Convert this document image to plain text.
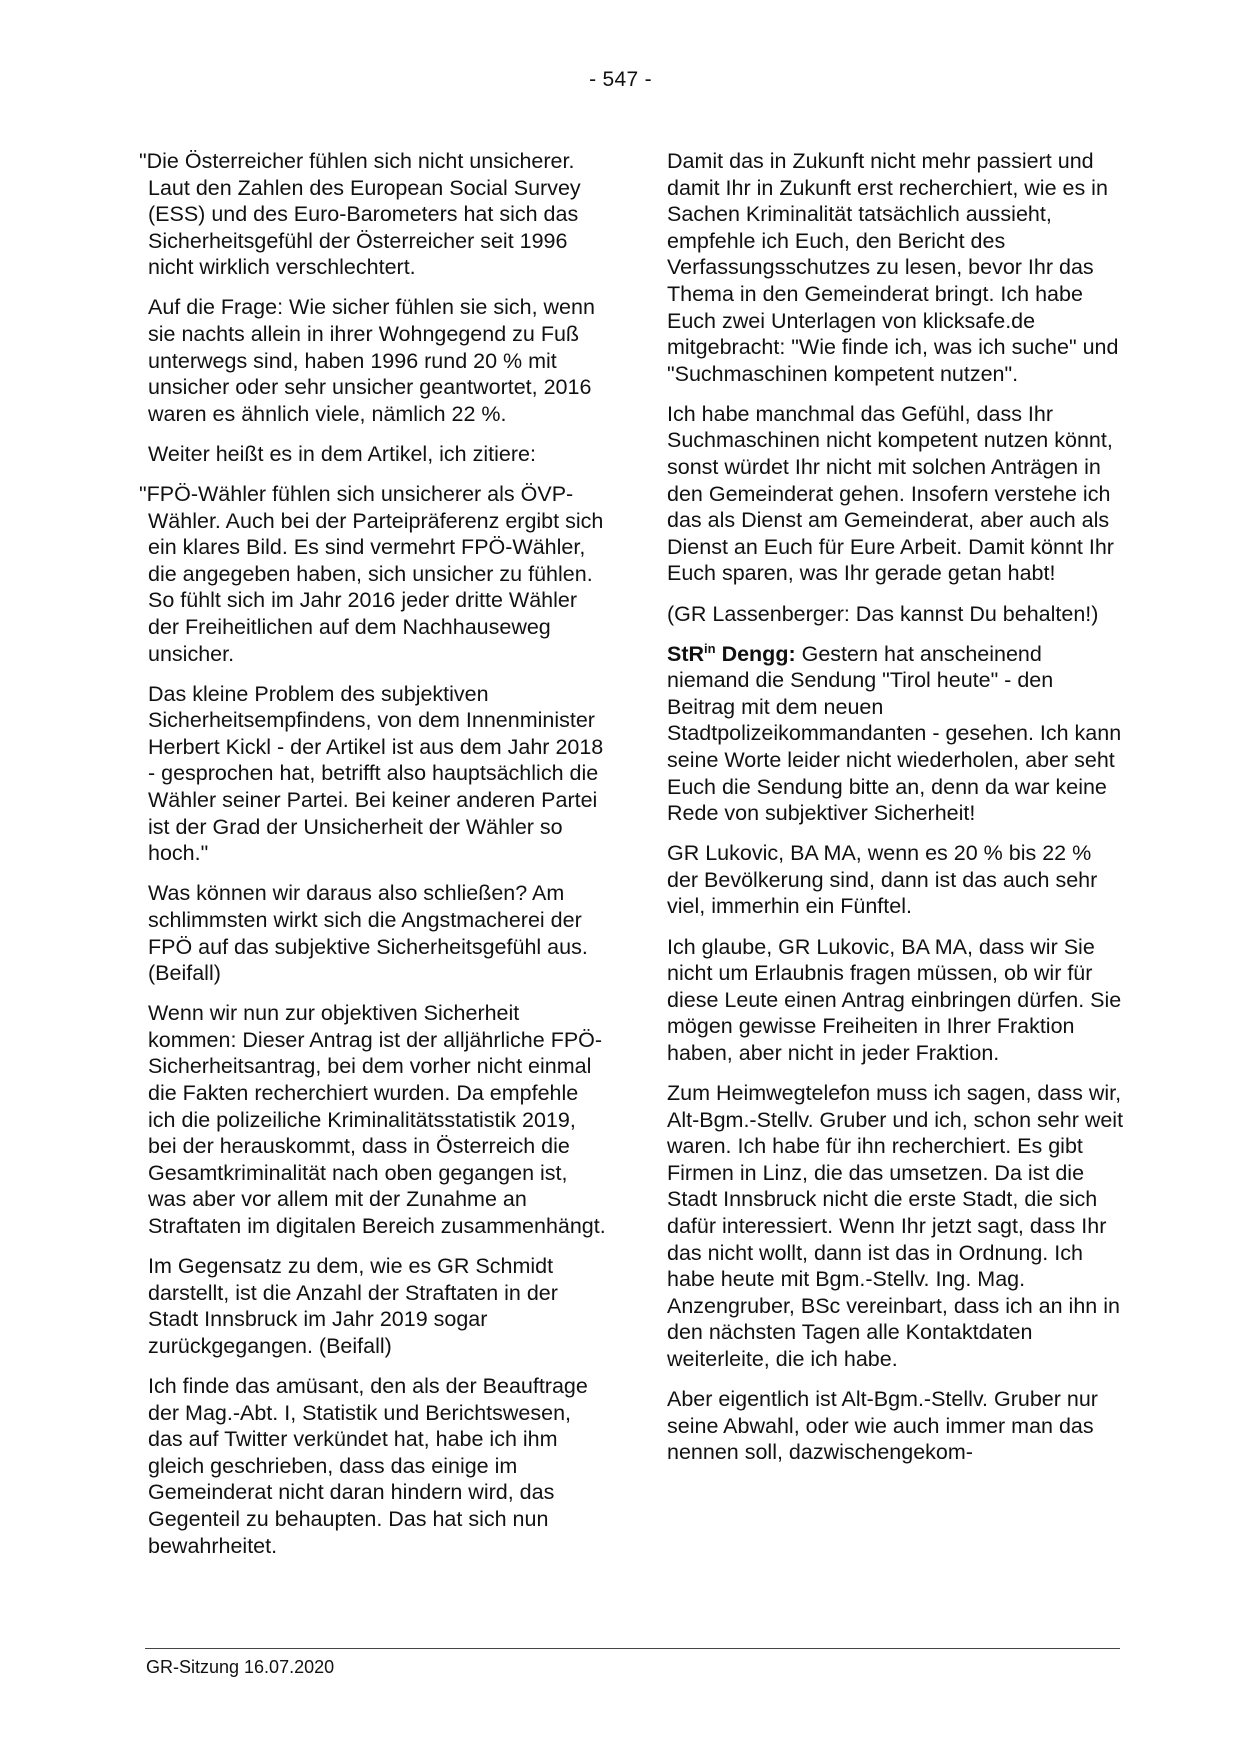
- 547 -

"Die Österreicher fühlen sich nicht unsicherer. Laut den Zahlen des European Social Survey (ESS) und des Euro-Barometers hat sich das Sicherheitsgefühl der Österreicher seit 1996 nicht wirklich verschlechtert.

Auf die Frage: Wie sicher fühlen sie sich, wenn sie nachts allein in ihrer Wohngegend zu Fuß unterwegs sind, haben 1996 rund 20 % mit unsicher oder sehr unsicher geantwortet, 2016 waren es ähnlich viele, nämlich 22 %.

Weiter heißt es in dem Artikel, ich zitiere:

"FPÖ-Wähler fühlen sich unsicherer als ÖVP-Wähler. Auch bei der Parteipräferenz ergibt sich ein klares Bild. Es sind vermehrt FPÖ-Wähler, die angegeben haben, sich unsicher zu fühlen. So fühlt sich im Jahr 2016 jeder dritte Wähler der Freiheitlichen auf dem Nachhauseweg unsicher.

Das kleine Problem des subjektiven Sicherheitsempfindens, von dem Innenminister Herbert Kickl - der Artikel ist aus dem Jahr 2018 - gesprochen hat, betrifft also hauptsächlich die Wähler seiner Partei. Bei keiner anderen Partei ist der Grad der Unsicherheit der Wähler so hoch."

Was können wir daraus also schließen? Am schlimmsten wirkt sich die Angstmacherei der FPÖ auf das subjektive Sicherheitsgefühl aus. (Beifall)

Wenn wir nun zur objektiven Sicherheit kommen: Dieser Antrag ist der alljährliche FPÖ-Sicherheitsantrag, bei dem vorher nicht einmal die Fakten recherchiert wurden. Da empfehle ich die polizeiliche Kriminalitätsstatistik 2019, bei der herauskommt, dass in Österreich die Gesamtkriminalität nach oben gegangen ist, was aber vor allem mit der Zunahme an Straftaten im digitalen Bereich zusammenhängt.

Im Gegensatz zu dem, wie es GR Schmidt darstellt, ist die Anzahl der Straftaten in der Stadt Innsbruck im Jahr 2019 sogar zurückgegangen. (Beifall)

Ich finde das amüsant, den als der Beauftrage der Mag.-Abt. I, Statistik und Berichtswesen, das auf Twitter verkündet hat, habe ich ihm gleich geschrieben, dass das einige im Gemeinderat nicht daran hindern wird, das Gegenteil zu behaupten. Das hat sich nun bewahrheitet.

Damit das in Zukunft nicht mehr passiert und damit Ihr in Zukunft erst recherchiert, wie es in Sachen Kriminalität tatsächlich aussieht, empfehle ich Euch, den Bericht des Verfassungsschutzes zu lesen, bevor Ihr das Thema in den Gemeinderat bringt. Ich habe Euch zwei Unterlagen von klicksafe.de mitgebracht: "Wie finde ich, was ich suche" und "Suchmaschinen kompetent nutzen".

Ich habe manchmal das Gefühl, dass Ihr Suchmaschinen nicht kompetent nutzen könnt, sonst würdet Ihr nicht mit solchen Anträgen in den Gemeinderat gehen. Insofern verstehe ich das als Dienst am Gemeinderat, aber auch als Dienst an Euch für Eure Arbeit. Damit könnt Ihr Euch sparen, was Ihr gerade getan habt!

(GR Lassenberger: Das kannst Du behalten!)

StR$^{in}$ Dengg: Gestern hat anscheinend niemand die Sendung "Tirol heute" - den Beitrag mit dem neuen Stadtpolizeikommandanten - gesehen. Ich kann seine Worte leider nicht wiederholen, aber seht Euch die Sendung bitte an, denn da war keine Rede von subjektiver Sicherheit!

GR Lukovic, BA MA, wenn es 20 % bis 22 % der Bevölkerung sind, dann ist das auch sehr viel, immerhin ein Fünftel.

Ich glaube, GR Lukovic, BA MA, dass wir Sie nicht um Erlaubnis fragen müssen, ob wir für diese Leute einen Antrag einbringen dürfen. Sie mögen gewisse Freiheiten in Ihrer Fraktion haben, aber nicht in jeder Fraktion.

Zum Heimwegtelefon muss ich sagen, dass wir, Alt-Bgm.-Stellv. Gruber und ich, schon sehr weit waren. Ich habe für ihn recherchiert. Es gibt Firmen in Linz, die das umsetzen. Da ist die Stadt Innsbruck nicht die erste Stadt, die sich dafür interessiert. Wenn Ihr jetzt sagt, dass Ihr das nicht wollt, dann ist das in Ordnung. Ich habe heute mit Bgm.-Stellv. Ing. Mag. Anzengruber, BSc vereinbart, dass ich an ihn in den nächsten Tagen alle Kontaktdaten weiterleite, die ich habe.

Aber eigentlich ist Alt-Bgm.-Stellv. Gruber nur seine Abwahl, oder wie auch immer man das nennen soll, dazwischengekom-

GR-Sitzung 16.07.2020
